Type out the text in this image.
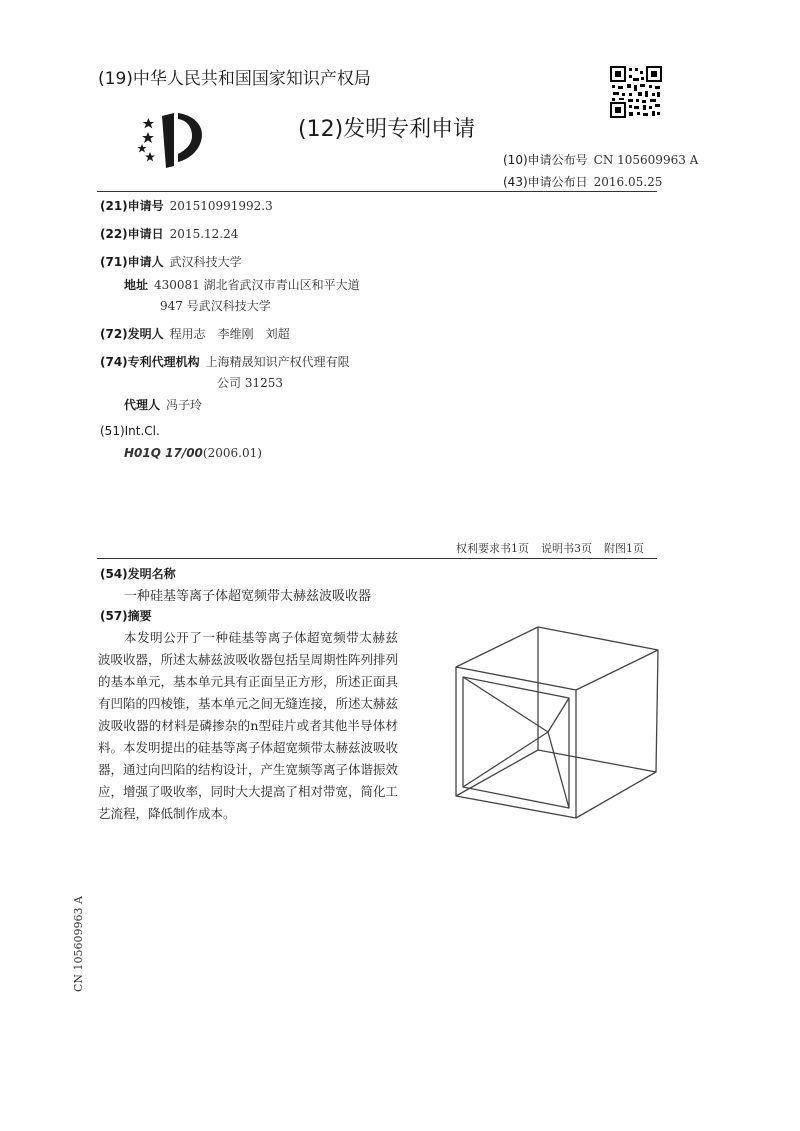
(19)中华人民共和国国家知识产权局
(12)发明专利申请
(10)申请公布号 CN 105609963 A
(43)申请公布日 2016.05.25
(21)申请号 201510991992.3
(22)申请日 2015.12.24
(71)申请人 武汉科技大学
地址 430081 湖北省武汉市青山区和平大道
947 号武汉科技大学
(72)发明人 程用志　李维刚　刘超
(74)专利代理机构 上海精晟知识产权代理有限
公司 31253
代理人 冯子玲
(51)Int.Cl.
H01Q 17/00(2006.01)
权利要求书1页 说明书3页 附图1页
(54)发明名称
一种硅基等离子体超宽频带太赫兹波吸收器
(57)摘要
本发明公开了一种硅基等离子体超宽频带太赫兹波吸收器，所述太赫兹波吸收器包括呈周期性阵列排列的基本单元，基本单元具有正面呈正方形，所述正面具有凹陷的四棱锥，基本单元之间无缝连接，所述太赫兹波吸收器的材料是磷掺杂的n型硅片或者其他半导体材料。本发明提出的硅基等离子体超宽频带太赫兹波吸收器，通过向凹陷的结构设计，产生宽频等离子体谐振效应，增强了吸收率，同时大大提高了相对带宽，简化工艺流程，降低制作成本。
CN 105609963 A
